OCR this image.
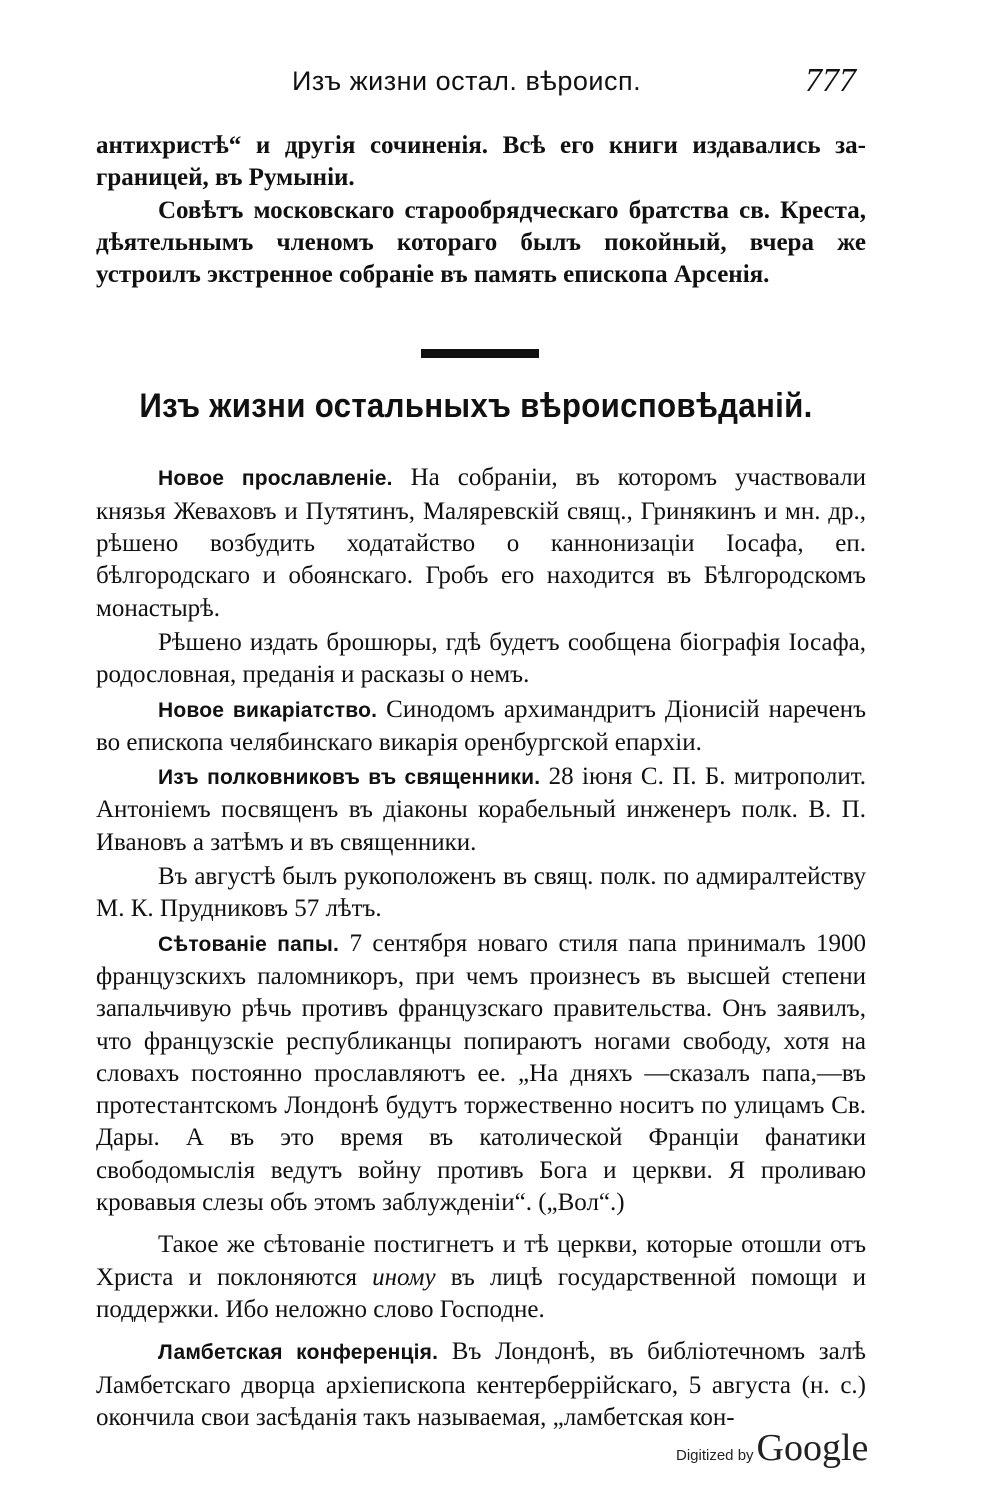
Изъ жизни остал. вѣроисп.	777

антихристѣ“ и другія сочиненія. Всѣ его книги издавались за-границей, въ Румыніи.

Совѣтъ московскаго старообрядческаго братства св. Креста, дѣятельнымъ членомъ котораго былъ покойный, вчера же устроилъ экстренное собраніе въ память епископа Арсенія.

Изъ жизни остальныхъ вѣроисповѣданій.

Новое прославленіе. На собраніи, въ которомъ участвовали князья Жеваховъ и Путятинъ, Маляревскій свящ., Гринякинъ и мн. др., рѣшено возбудить ходатайство о каннонизаціи Іосафа, еп. бѣлгородскаго и обоянскаго. Гробъ его находится въ Бѣлгородскомъ монастырѣ.

Рѣшено издать брошюры, гдѣ будетъ сообщена біографія Іосафа, родословная, преданія и расказы о немъ.

Новое викаріатство. Синодомъ архимандритъ Діонисій нареченъ во епископа челябинскаго викарія оренбургской епархіи.

Изъ полковниковъ въ священники. 28 іюня С. П. Б. митрополит. Антоніемъ посвященъ въ діаконы корабельный инженеръ полк. В. П. Ивановъ а затѣмъ и въ священники.

Въ августѣ былъ рукоположенъ въ свящ. полк. по адмиралтейству М. К. Прудниковъ 57 лѣтъ.

Сѣтованіе папы. 7 сентября новаго стиля папа принималъ 1900 французскихъ паломникоръ, при чемъ произнесъ въ высшей степени запальчивую рѣчь противъ французскаго правительства. Онъ заявилъ, что французскіе республиканцы попираютъ ногами свободу, хотя на словахъ постоянно прославляютъ ее. „На дняхъ —сказалъ папа,—въ протестантскомъ Лондонѣ будутъ торжественно носитъ по улицамъ Св. Дары. А въ это время въ католической Франціи фанатики свободомыслія ведутъ войну противъ Бога и церкви. Я проливаю кровавыя слезы объ этомъ заблужденіи“. („Вол“.)

Такое же сѣтованіе постигнетъ и тѣ церкви, которые отошли отъ Христа и поклоняются иному въ лицѣ государственной помощи и поддержки. Ибо неложно слово Господне.

Ламбетская конференція. Въ Лондонѣ, въ библіотечномъ залѣ Ламбетскаго дворца архіепископа кентерберрійскаго, 5 августа (н. с.) окончила свои засѣданія такъ называемая, „ламбетская кон-

Digitized byGoogle
